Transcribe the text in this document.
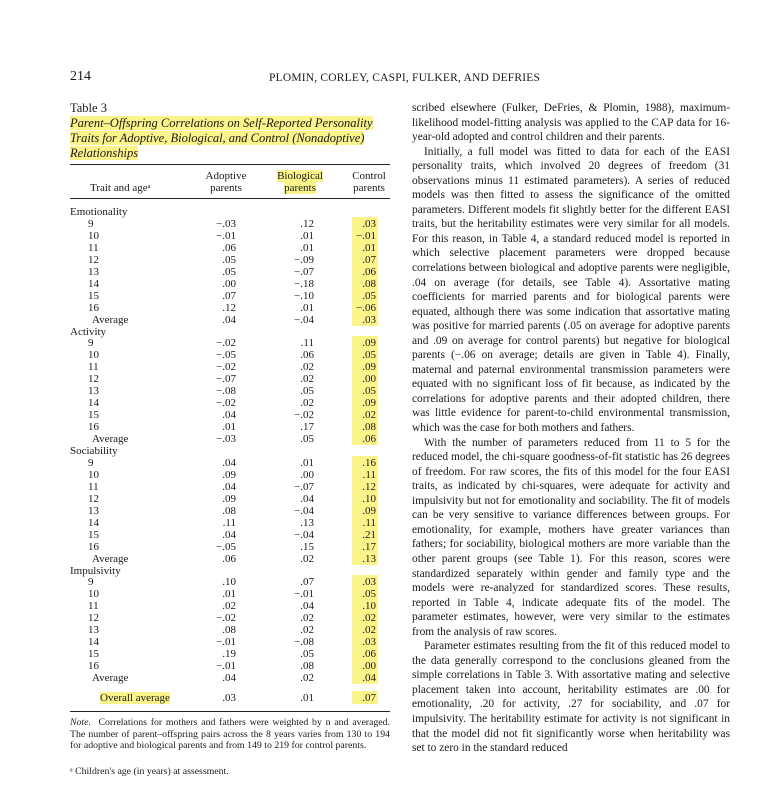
214	PLOMIN, CORLEY, CASPI, FULKER, AND DEFRIES
Table 3
Parent–Offspring Correlations on Self-Reported Personality Traits for Adoptive, Biological, and Control (Nonadoptive) Relationships
Trait and ageᵃ
Adoptive
parents
Biological
parents
Control
parents
Emotionality
9	−.03	.12	.03
10	−.01	.01	−.01
11	.06	.01	.01
12	.05	−.09	.07
13	.05	−.07	.06
14	.00	−.18	.08
15	.07	−.10	.05
16	.12	.01	−.06
Average	.04	−.04	.03
Activity
9	−.02	.11	.09
10	−.05	.06	.05
11	−.02	.02	.09
12	−.07	.02	.00
13	−.08	.05	.05
14	−.02	.02	.09
15	.04	−.02	.02
16	.01	.17	.08
Average	−.03	.05	.06
Sociability
9	.04	.01	.16
10	.09	.00	.11
11	.04	−.07	.12
12	.09	.04	.10
13	.08	−.04	.09
14	.11	.13	.11
15	.04	−.04	.21
16	−.05	.15	.17
Average	.06	.02	.13
Impulsivity
9	.10	.07	.03
10	.01	−.01	.05
11	.02	.04	.10
12	−.02	.02	.02
13	.08	.02	.02
14	−.01	−.08	.03
15	.19	.05	.06
16	−.01	.08	.00
Average	.04	.02	.04
Overall average	.03	.01	.07
Note. Correlations for mothers and fathers were weighted by n and averaged. The number of parent–offspring pairs across the 8 years varies from 130 to 194 for adoptive and biological parents and from 149 to 219 for control parents.
ᵃ Children's age (in years) at assessment.

scribed elsewhere (Fulker, DeFries, & Plomin, 1988), maximum-likelihood model-fitting analysis was applied to the CAP data for 16-year-old adopted and control children and their parents.

Initially, a full model was fitted to data for each of the EASI personality traits, which involved 20 degrees of freedom (31 observations minus 11 estimated parameters). A series of reduced models was then fitted to assess the significance of the omitted parameters. Different models fit slightly better for the different EASI traits, but the heritability estimates were very similar for all models. For this reason, in Table 4, a standard reduced model is reported in which selective placement parameters were dropped because correlations between biological and adoptive parents were negligible, .04 on average (for details, see Table 4). Assortative mating coefficients for married parents and for biological parents were equated, although there was some indication that assortative mating was positive for married parents (.05 on average for adoptive parents and .09 on average for control parents) but negative for biological parents (−.06 on average; details are given in Table 4). Finally, maternal and paternal environmental transmission parameters were equated with no significant loss of fit because, as indicated by the correlations for adoptive parents and their adopted children, there was little evidence for parent-to-child environmental transmission, which was the case for both mothers and fathers.

With the number of parameters reduced from 11 to 5 for the reduced model, the chi-square goodness-of-fit statistic has 26 degrees of freedom. For raw scores, the fits of this model for the four EASI traits, as indicated by chi-squares, were adequate for activity and impulsivity but not for emotionality and sociability. The fit of models can be very sensitive to variance differences between groups. For emotionality, for example, mothers have greater variances than fathers; for sociability, biological mothers are more variable than the other parent groups (see Table 1). For this reason, scores were standardized separately within gender and family type and the models were re-analyzed for standardized scores. These results, reported in Table 4, indicate adequate fits of the model. The parameter estimates, however, were very similar to the estimates from the analysis of raw scores.

Parameter estimates resulting from the fit of this reduced model to the data generally correspond to the conclusions gleaned from the simple correlations in Table 3. With assortative mating and selective placement taken into account, heritability estimates are .00 for emotionality, .20 for activity, .27 for sociability, and .07 for impulsivity. The heritability estimate for activity is not significant in that the model did not fit significantly worse when heritability was set to zero in the standard reduced
